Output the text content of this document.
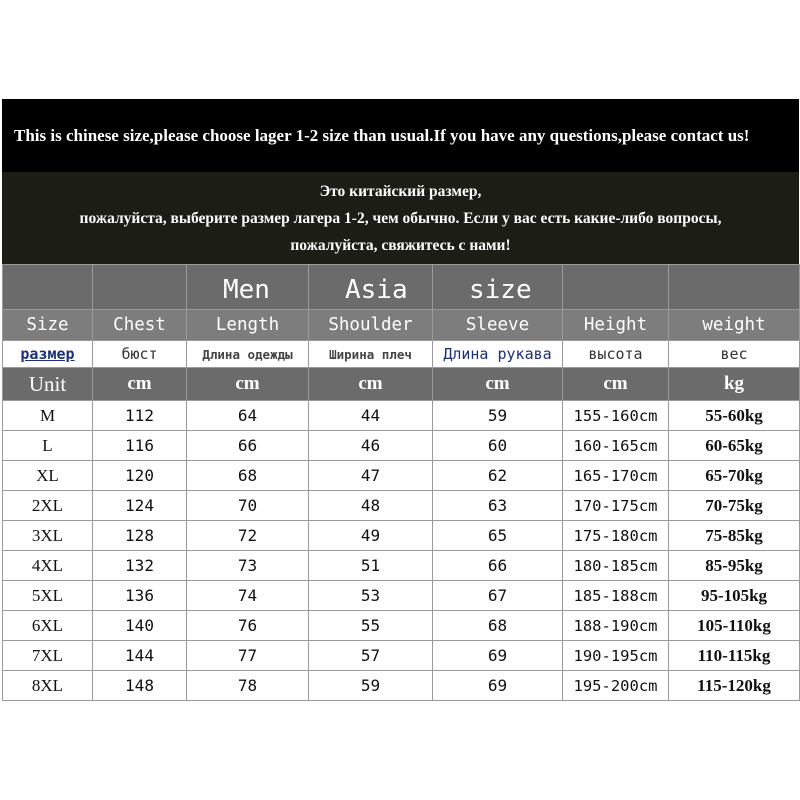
This is chinese size,please choose lager 1-2 size than usual.If you have any questions,please contact us!
Это китайский размер,
пожалуйста, выберите размер лагера 1-2, чем обычно. Если у вас есть какие-либо вопросы,
пожалуйста, свяжитесь с нами!
		Men	Asia	size		
Size	Chest	Length	Shoulder	Sleeve	Height	weight
размер	бюст	Длина одежды	Ширина плеч	Длина рукава	высота	вес
Unit	cm	cm	cm	cm	cm	kg
M	112	64	44	59	155-160cm	55-60kg
L	116	66	46	60	160-165cm	60-65kg
XL	120	68	47	62	165-170cm	65-70kg
2XL	124	70	48	63	170-175cm	70-75kg
3XL	128	72	49	65	175-180cm	75-85kg
4XL	132	73	51	66	180-185cm	85-95kg
5XL	136	74	53	67	185-188cm	95-105kg
6XL	140	76	55	68	188-190cm	105-110kg
7XL	144	77	57	69	190-195cm	110-115kg
8XL	148	78	59	69	195-200cm	115-120kg
